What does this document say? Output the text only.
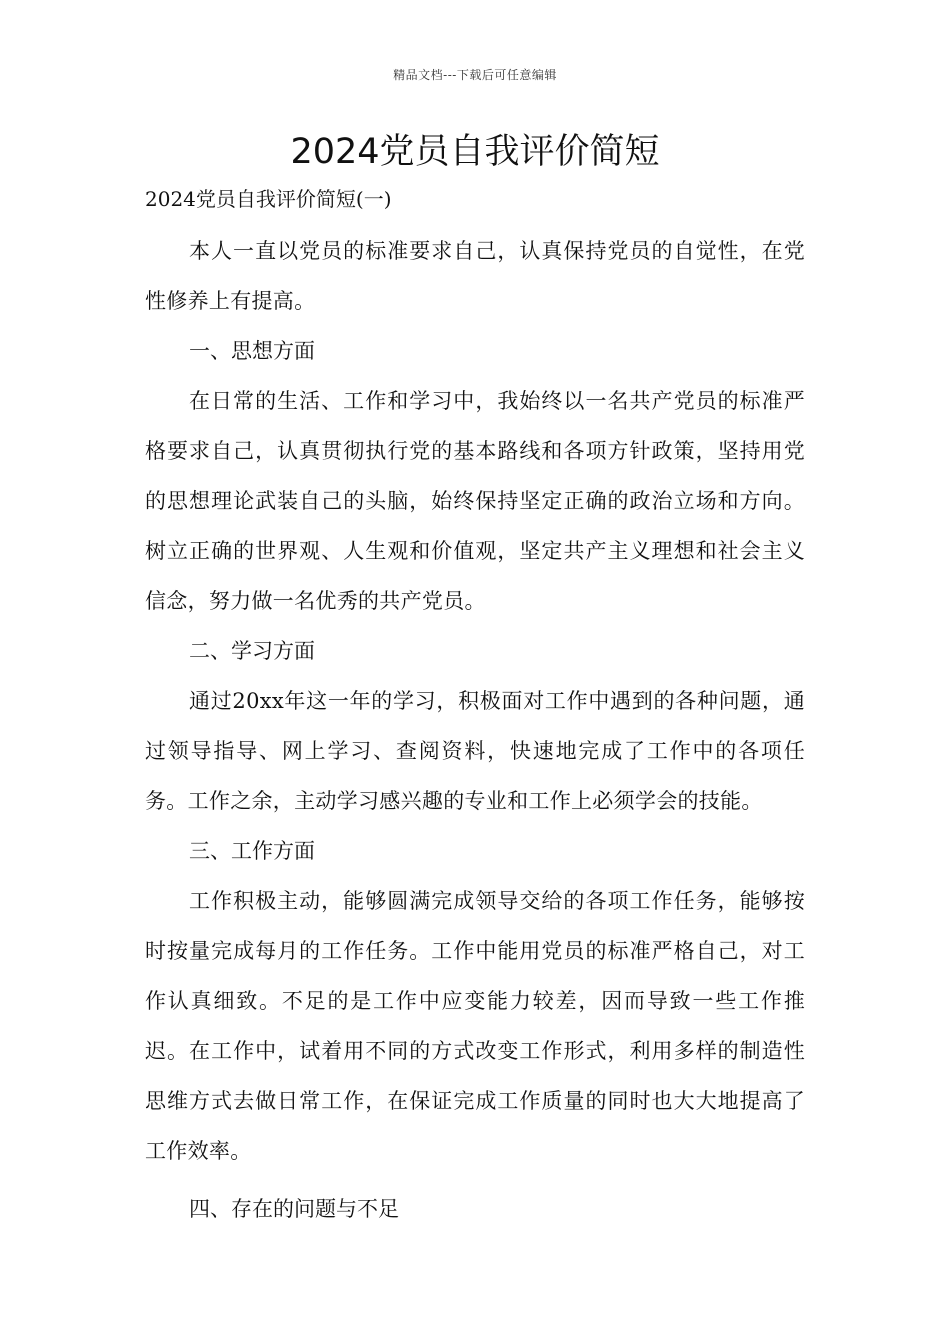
精品文档---下载后可任意编辑
2024党员自我评价简短

2024党员自我评价简短(一)

本人一直以党员的标准要求自己，认真保持党员的自觉性，在党性修养上有提高。

一、思想方面

在日常的生活、工作和学习中，我始终以一名共产党员的标准严格要求自己，认真贯彻执行党的基本路线和各项方针政策，坚持用党的思想理论武装自己的头脑，始终保持坚定正确的政治立场和方向。树立正确的世界观、人生观和价值观，坚定共产主义理想和社会主义信念，努力做一名优秀的共产党员。

二、学习方面

通过20xx年这一年的学习，积极面对工作中遇到的各种问题，通过领导指导、网上学习、查阅资料，快速地完成了工作中的各项任务。工作之余，主动学习感兴趣的专业和工作上必须学会的技能。

三、工作方面

工作积极主动，能够圆满完成领导交给的各项工作任务，能够按时按量完成每月的工作任务。工作中能用党员的标准严格自己，对工作认真细致。不足的是工作中应变能力较差，因而导致一些工作推迟。在工作中，试着用不同的方式改变工作形式，利用多样的制造性思维方式去做日常工作，在保证完成工作质量的同时也大大地提高了工作效率。

四、存在的问题与不足
